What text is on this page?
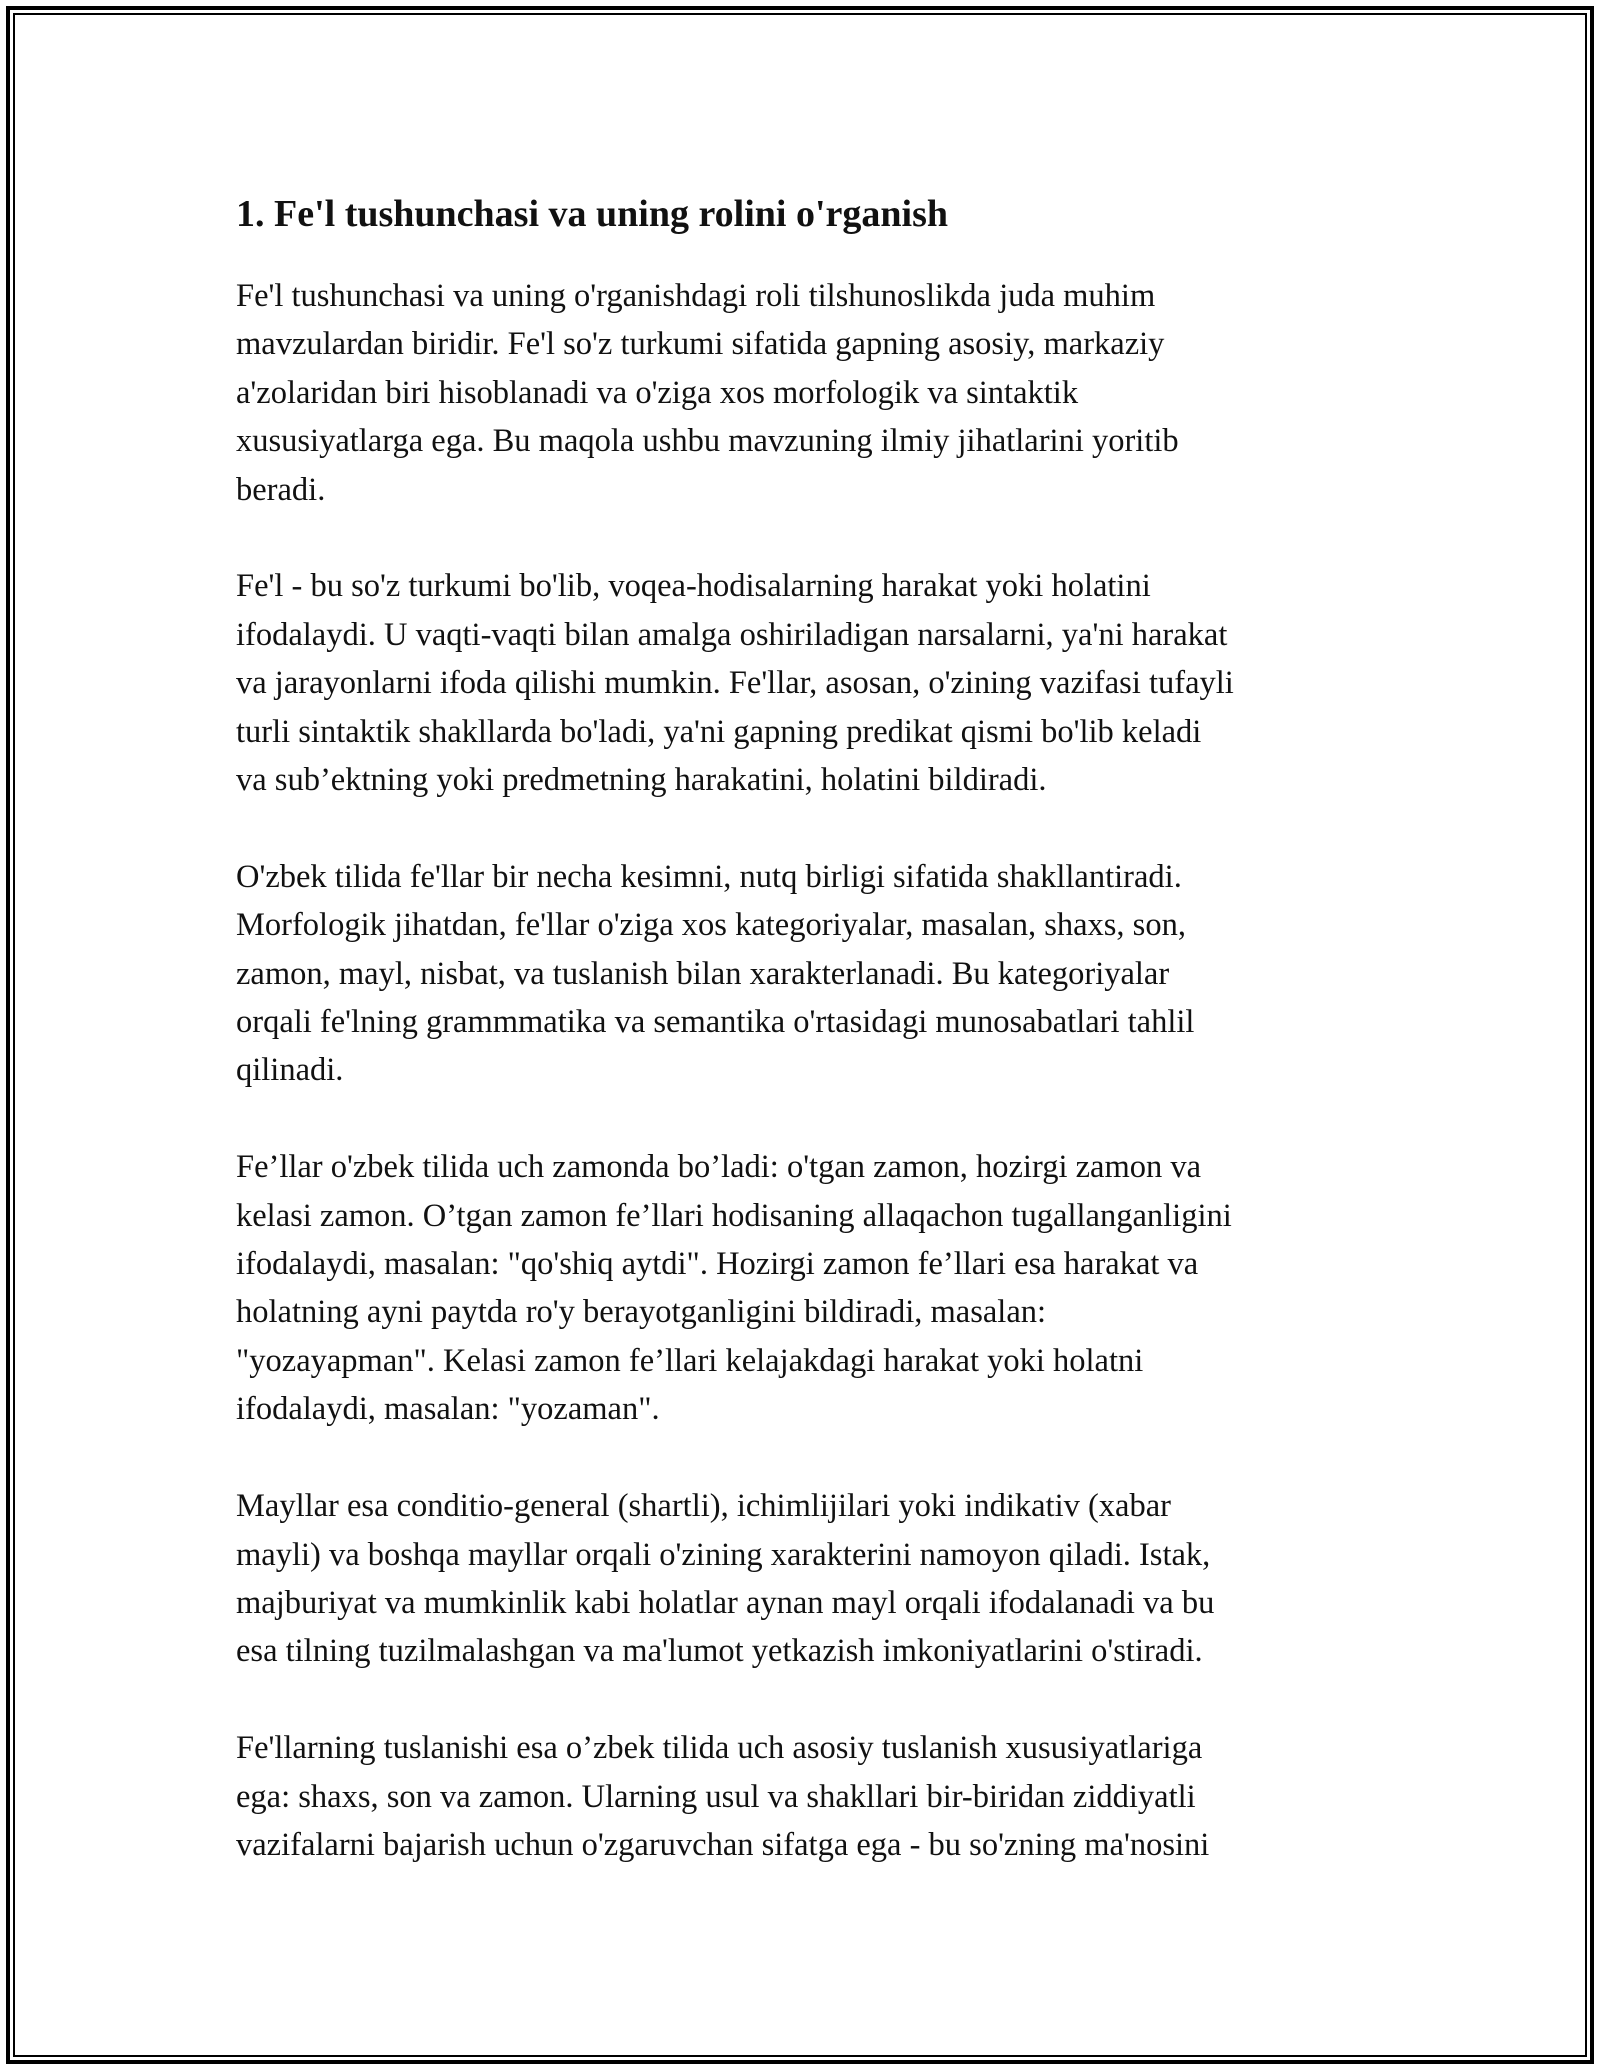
1. Fe'l tushunchasi va uning rolini o'rganish
Fe'l tushunchasi va uning o'rganishdagi roli tilshunoslikda juda muhim
mavzulardan biridir. Fe'l so'z turkumi sifatida gapning asosiy, markaziy
a'zolaridan biri hisoblanadi va o'ziga xos morfologik va sintaktik
xususiyatlarga ega. Bu maqola ushbu mavzuning ilmiy jihatlarini yoritib
beradi.
Fe'l - bu so'z turkumi bo'lib, voqea-hodisalarning harakat yoki holatini
ifodalaydi. U vaqti-vaqti bilan amalga oshiriladigan narsalarni, ya'ni harakat
va jarayonlarni ifoda qilishi mumkin. Fe'llar, asosan, o'zining vazifasi tufayli
turli sintaktik shakllarda bo'ladi, ya'ni gapning predikat qismi bo'lib keladi
va sub’ektning yoki predmetning harakatini, holatini bildiradi.
O'zbek tilida fe'llar bir necha kesimni, nutq birligi sifatida shakllantiradi.
Morfologik jihatdan, fe'llar o'ziga xos kategoriyalar, masalan, shaxs, son,
zamon, mayl, nisbat, va tuslanish bilan xarakterlanadi. Bu kategoriyalar
orqali fe'lning grammmatika va semantika o'rtasidagi munosabatlari tahlil
qilinadi.
Fe’llar o'zbek tilida uch zamonda bo’ladi: o'tgan zamon, hozirgi zamon va
kelasi zamon. O’tgan zamon fe’llari hodisaning allaqachon tugallanganligini
ifodalaydi, masalan: "qo'shiq aytdi". Hozirgi zamon fe’llari esa harakat va
holatning ayni paytda ro'y berayotganligini bildiradi, masalan:
"yozayapman". Kelasi zamon fe’llari kelajakdagi harakat yoki holatni
ifodalaydi, masalan: "yozaman".
Mayllar esa conditio-general (shartli), ichimlijilari yoki indikativ (xabar
mayli) va boshqa mayllar orqali o'zining xarakterini namoyon qiladi. Istak,
majburiyat va mumkinlik kabi holatlar aynan mayl orqali ifodalanadi va bu
esa tilning tuzilmalashgan va ma'lumot yetkazish imkoniyatlarini o'stiradi.
Fe'llarning tuslanishi esa o’zbek tilida uch asosiy tuslanish xususiyatlariga
ega: shaxs, son va zamon. Ularning usul va shakllari bir-biridan ziddiyatli
vazifalarni bajarish uchun o'zgaruvchan sifatga ega - bu so'zning ma'nosini
